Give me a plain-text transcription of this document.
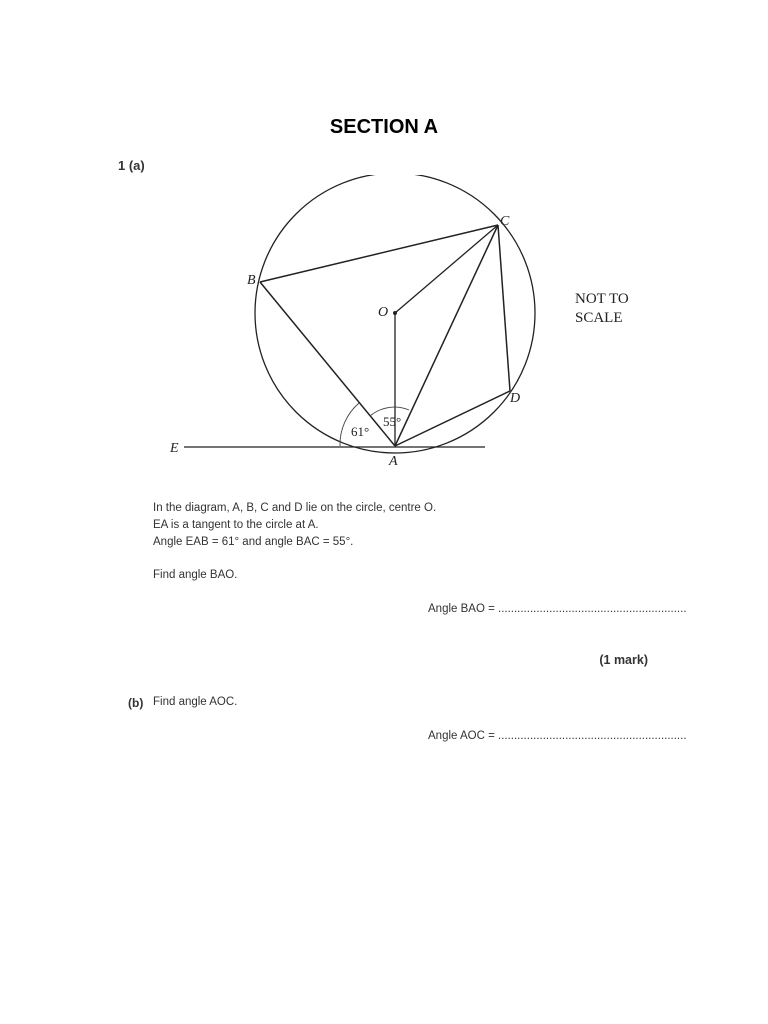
SECTION A
1 (a)
B
C
O
D
E
A
61°
55°
NOT TO
SCALE
In the diagram, A, B, C and D lie on the circle, centre O.
EA is a tangent to the circle at A.
Angle EAB = 61° and angle BAC = 55°.
Find angle BAO.
Angle BAO = ...........................................................
(1 mark)
(b) Find angle AOC.
Angle AOC = ...........................................................
